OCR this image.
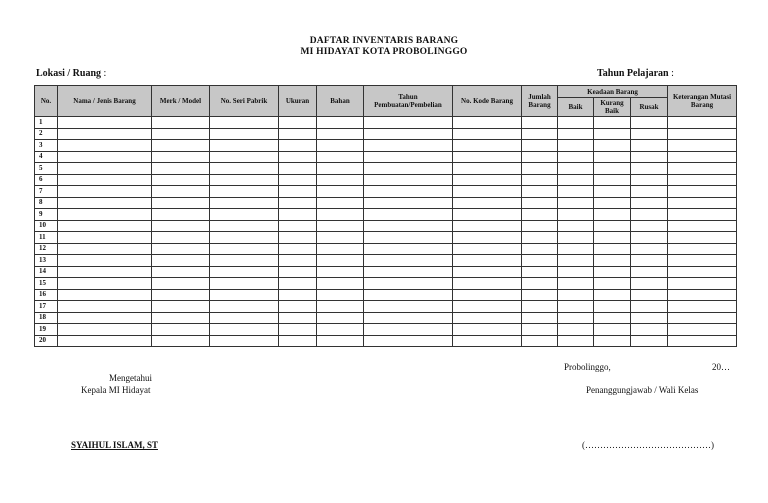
DAFTAR INVENTARIS BARANG
MI HIDAYAT KOTA PROBOLINGGO
Lokasi / Ruang :	Tahun Pelajaran :
No.	Nama / Jenis Barang	Merk / Model	No. Seri Pabrik	Ukuran	Bahan	Tahun Pembuatan/Pembelian	No. Kode Barang	Jumlah Barang	Keadaan Barang			Keterangan Mutasi Barang
									Baik	Kurang Baik	Rusak	
1												
2												
3												
4												
5												
6												
7												
8												
9												
10												
11												
12												
13												
14												
15												
16												
17												
18												
19												
20												
Probolinggo,	20…
Mengetahui
Kepala MI Hidayat	Penanggungjawab / Wali Kelas
SYAIHUL ISLAM, ST	(……………………………………)
